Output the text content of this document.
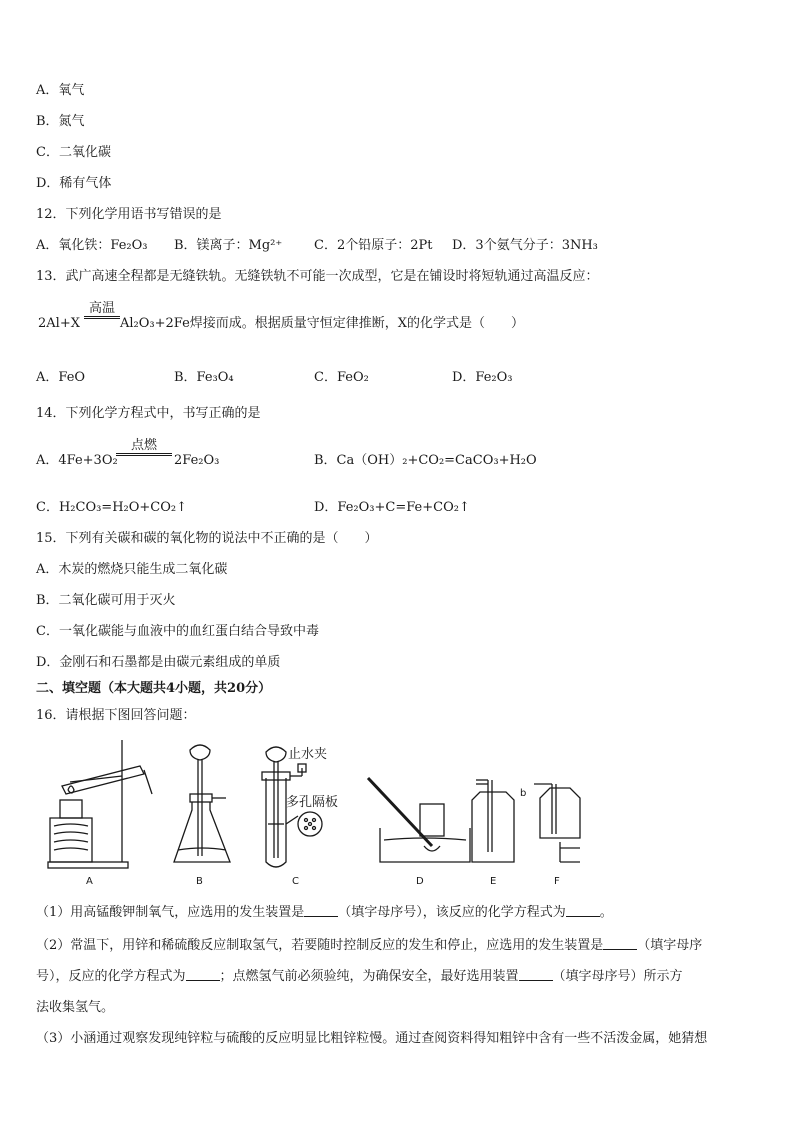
A．氧气
B．氮气
C．二氧化碳
D．稀有气体
12．下列化学用语书写错误的是
A．氧化铁：Fe₂O₃ B．镁离子：Mg²⁺ C．2个铅原子：2Pt D．3个氨气分子：3NH₃
13．武广高速全程都是无缝铁轨。无缝铁轨不可能一次成型，它是在铺设时将短轨通过高温反应：
2Al+X
高温
Al₂O₃+2Fe焊接而成。根据质量守恒定律推断，X的化学式是（　　）
A．FeO	B．Fe₃O₄	C．FeO₂	D．Fe₂O₃
14．下列化学方程式中，书写正确的是
A．4Fe+3O₂
点燃
2Fe₂O₃	B．Ca（OH）₂+CO₂=CaCO₃+H₂O
C．H₂CO₃=H₂O+CO₂↑	D．Fe₂O₃+C=Fe+CO₂↑
15．下列有关碳和碳的氧化物的说法中不正确的是（　　）
A．木炭的燃烧只能生成二氧化碳
B．二氧化碳可用于灭火
C．一氧化碳能与血液中的血红蛋白结合导致中毒
D．金刚石和石墨都是由碳元素组成的单质
二、填空题（本大题共4小题，共20分）
16．请根据下图回答问题：
止水夹
多孔隔板
b
A	B	C	D	E	F
（1）用高锰酸钾制氧气，应选用的发生装置是	（填字母序号），该反应的化学方程式为	。
（2）常温下，用锌和稀硫酸反应制取氢气，若要随时控制反应的发生和停止，应选用的发生装置是	（填字母序
号），反应的化学方程式为	；点燃氢气前必须验纯，为确保安全，最好选用装置	（填字母序号）所示方
法收集氢气。
（3）小涵通过观察发现纯锌粒与硫酸的反应明显比粗锌粒慢。通过查阅资料得知粗锌中含有一些不活泼金属，她猜想
